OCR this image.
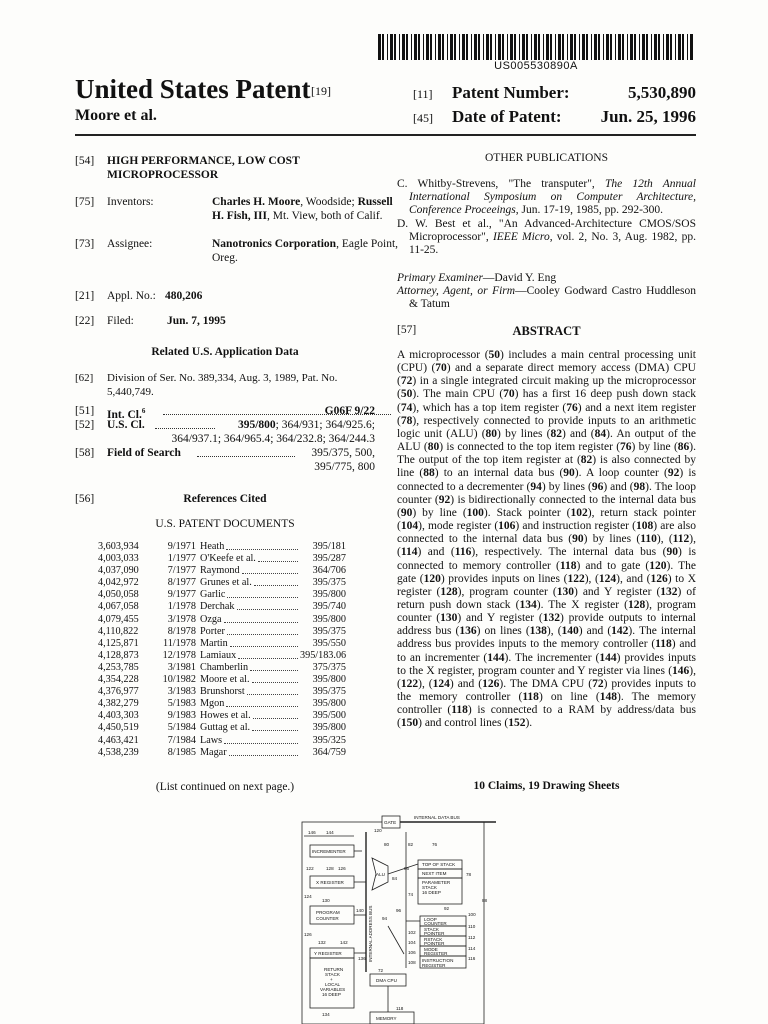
US005530890A
United States Patent [19]
Moore et al.
[11] Patent Number:	5,530,890
[45] Date of Patent: Jun. 25, 1996
[54] HIGH PERFORMANCE, LOW COST
MICROPROCESSOR
[75] Inventors:	Charles H. Moore, Woodside; Russell
H. Fish, III, Mt. View, both of Calif.
[73] Assignee:	Nanotronics Corporation, Eagle Point,
Oreg.
[21] Appl. No.: 480,206
[22] Filed:	Jun. 7, 1995
Related U.S. Application Data
[62] Division of Ser. No. 389,334, Aug. 3, 1989, Pat. No.
5,440,749.
[51] Int. Cl.$^6$	G06F 9/22
[52] U.S. Cl.	395/800; 364/931; 364/925.6;
364/937.1; 364/965.4; 364/232.8; 364/244.3
[58] Field of Search	395/375, 500,
395/775, 800
[56]	References Cited
U.S. PATENT DOCUMENTS
3,603,934	9/1971 Heath	395/181
4,003,033	1/1977 O'Keefe et al.	395/287
4,037,090	7/1977 Raymond	364/706
4,042,972	8/1977 Grunes et al.	395/375
4,050,058	9/1977 Garlic	395/800
4,067,058	1/1978 Derchak	395/740
4,079,455	3/1978 Ozga	395/800
4,110,822	8/1978 Porter	395/375
4,125,871	11/1978 Martin	395/550
4,128,873	12/1978 Lamiaux	395/183.06
4,253,785	3/1981 Chamberlin	375/375
4,354,228	10/1982 Moore et al.	395/800
4,376,977	3/1983 Brunshorst	395/375
4,382,279	5/1983 Mgon	395/800
4,403,303	9/1983 Howes et al.	395/500
4,450,519	5/1984 Guttag et al.	395/800
4,463,421	7/1984 Laws	395/325
4,538,239	8/1985 Magar	364/759
(List continued on next page.)
OTHER PUBLICATIONS

C. Whitby-Strevens, "The transputer", The 12th Annual International Symposium on Computer Architecture, Conference Proceeings, Jun. 17-19, 1985, pp. 292-300.

D. W. Best et al., "An Advanced-Architecture CMOS/SOS Microprocessor", IEEE Micro, vol. 2, No. 3, Aug. 1982, pp. 11-25.

Primary Examiner—David Y. Eng

Attorney, Agent, or Firm—Cooley Godward Castro Huddleson & Tatum

[57]	ABSTRACT

A microprocessor (50) includes a main central processing unit (CPU) (70) and a separate direct memory access (DMA) CPU (72) in a single integrated circuit making up the microprocessor (50). The main CPU (70) has a first 16 deep push down stack (74), which has a top item register (76) and a next item register (78), respectively connected to provide inputs to an arithmetic logic unit (ALU) (80) by lines (82) and (84). An output of the ALU (80) is connected to the top item register (76) by line (86). The output of the top item register at (82) is also connected by line (88) to an internal data bus (90). A loop counter (92) is connected to a decrementer (94) by lines (96) and (98). The loop counter (92) is bidirectionally connected to the internal data bus (90) by line (100). Stack pointer (102), return stack pointer (104), mode register (106) and instruction register (108) are also connected to the internal data bus (90) by lines (110), (112), (114) and (116), respectively. The internal data bus (90) is connected to memory controller (118) and to gate (120). The gate (120) provides inputs on lines (122), (124), and (126) to X register (128), program counter (130) and Y register (132) of return push down stack (134). The X register (128), program counter (130) and Y register (132) provide outputs to internal address bus (136) on lines (138), (140) and (142). The internal address bus provides inputs to the memory controller (118) and to an incrementer (144). The incrementer (144) provides inputs to the X register, program counter and Y register via lines (146), (122), (124) and (126). The DMA CPU (72) provides inputs to the memory controller (118) on line (148). The memory controller (118) is connected to a RAM by address/data bus (150) and control lines (152).

10 Claims, 19 Drawing Sheets
GATE
INTERNAL DATA BUS
INCREMENTER
ALU
TOP OF STACK
NEXT ITEM
PARAMETER
STACK
16 DEEP
X REGISTER
PROGRAM
COUNTER	INTERNAL ADDRESS BUS	LOOP
COUNTER
STACK
POINTER
RSTACK
POINTER
MODE
REGISTER
INSTRUCTION
REGISTER
Y REGISTER
RETURN
STACK
+
LOCAL
VARIABLES
16 DEEP
DMA CPU
MEMORY
146 144	120
80	82	76
122	128 126	86
84
78
74
124
130
142
88
92
94
96
100
110
102
104
112
114
106
116
108
126
132
140
136
72
118
134
